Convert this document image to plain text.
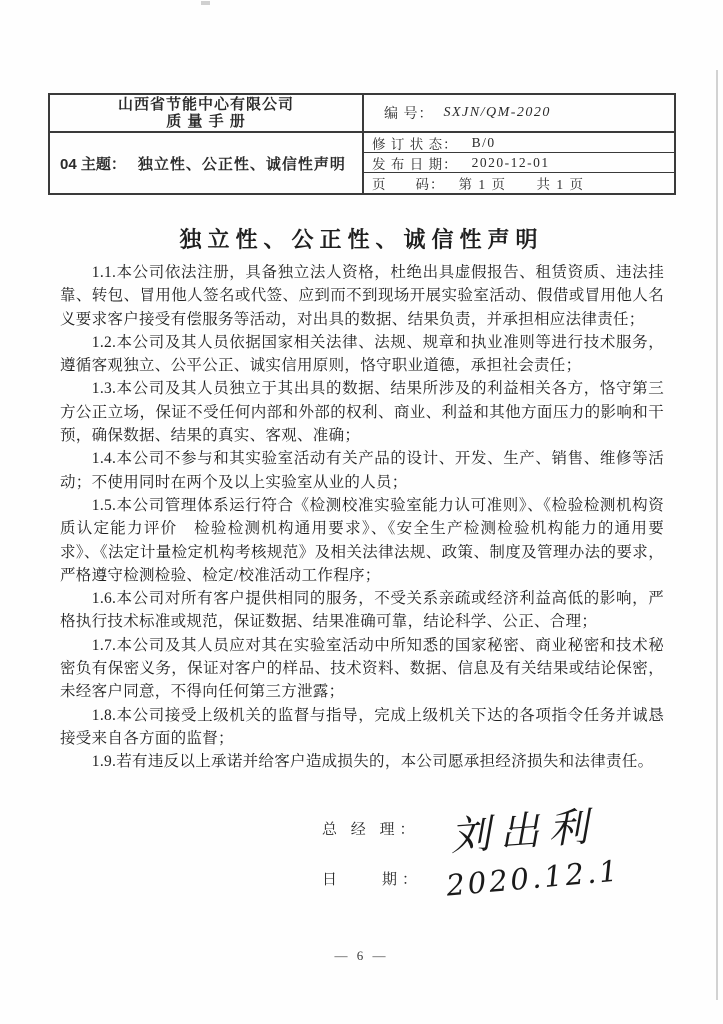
山西省节能中心有限公司
质 量 手 册	编 号： SXJN/QM-2020
04 主题： 独立性、公正性、诚信性声明
修 订 状 态： B/0
发 布 日 期： 2020-12-01
页　　码： 第 1 页　　共 1 页
独立性、公正性、诚信性声明

1.1.本公司依法注册，具备独立法人资格，杜绝出具虚假报告、租赁资质、违法挂靠、转包、冒用他人签名或代签、应到而不到现场开展实验室活动、假借或冒用他人名义要求客户接受有偿服务等活动，对出具的数据、结果负责，并承担相应法律责任；

1.2.本公司及其人员依据国家相关法律、法规、规章和执业准则等进行技术服务，遵循客观独立、公平公正、诚实信用原则，恪守职业道德，承担社会责任；

1.3.本公司及其人员独立于其出具的数据、结果所涉及的利益相关各方，恪守第三方公正立场，保证不受任何内部和外部的权利、商业、利益和其他方面压力的影响和干预，确保数据、结果的真实、客观、准确；

1.4.本公司不参与和其实验室活动有关产品的设计、开发、生产、销售、维修等活动；不使用同时在两个及以上实验室从业的人员；

1.5.本公司管理体系运行符合《检测校准实验室能力认可准则》、《检验检测机构资质认定能力评价　检验检测机构通用要求》、《安全生产检测检验机构能力的通用要求》、《法定计量检定机构考核规范》及相关法律法规、政策、制度及管理办法的要求，严格遵守检测检验、检定/校准活动工作程序；

1.6.本公司对所有客户提供相同的服务，不受关系亲疏或经济利益高低的影响，严格执行技术标准或规范，保证数据、结果准确可靠，结论科学、公正、合理；

1.7.本公司及其人员应对其在实验室活动中所知悉的国家秘密、商业秘密和技术秘密负有保密义务，保证对客户的样品、技术资料、数据、信息及有关结果或结论保密，未经客户同意，不得向任何第三方泄露；

1.8.本公司接受上级机关的监督与指导，完成上级机关下达的各项指令任务并诚恳接受来自各方面的监督；

1.9.若有违反以上承诺并给客户造成损失的，本公司愿承担经济损失和法律责任。

总 经 理： 刘出利
日　　期： 2020.12.1
— 6 —
